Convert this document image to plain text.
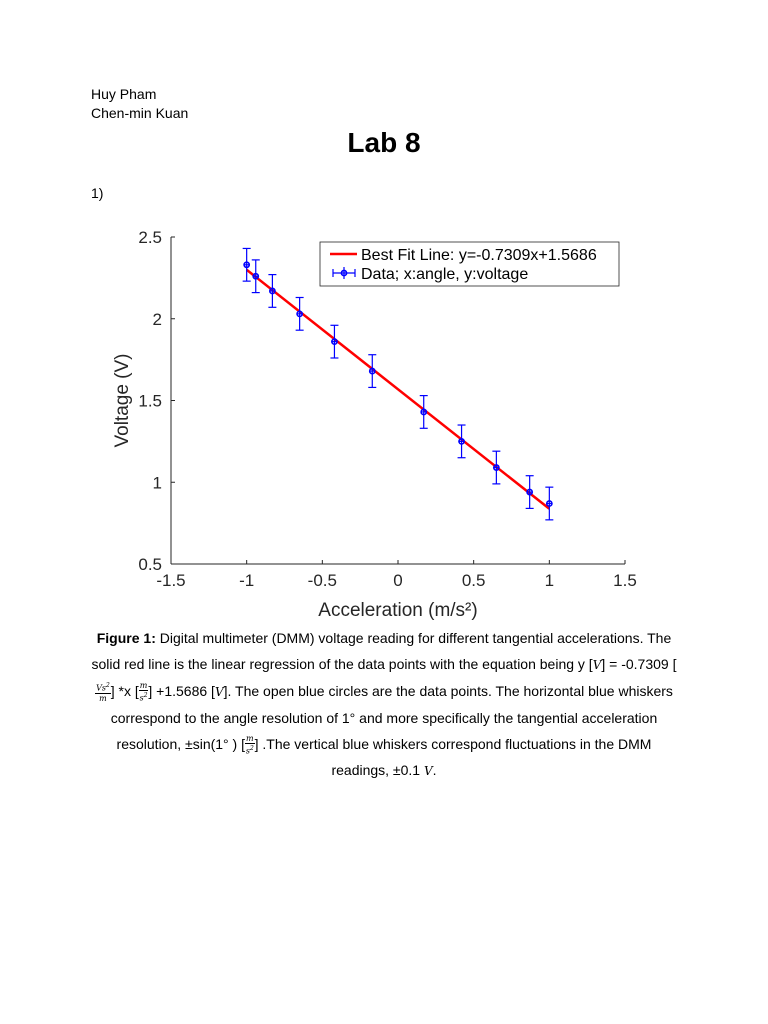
Huy Pham
Chen-min Kuan
Lab 8
1)
-1.5	-1	-0.5	0	0.5	1	1.5
0.5
1
1.5
2
2.5
Acceleration (m/s²)
Voltage (V)
Best Fit Line: y=-0.7309x+1.5686
Data; x:angle, y:voltage
Figure 1: Digital multimeter (DMM) voltage reading for different tangential accelerations. The solid red line is the linear regression of the data points with the equation being y [V] = -0.7309 [
$\frac{Vs^2}{m}$ ] *x [ $\frac{m}{s^2}$ ] +1.5686 [V]. The open blue circles are the data points. The horizontal blue whiskers correspond to the angle resolution of 1° and more specifically the tangential acceleration resolution, ±sin(1° ) [ $\frac{m}{s^2}$ ] .The vertical blue whiskers correspond fluctuations in the DMM readings, ±0.1 V.
